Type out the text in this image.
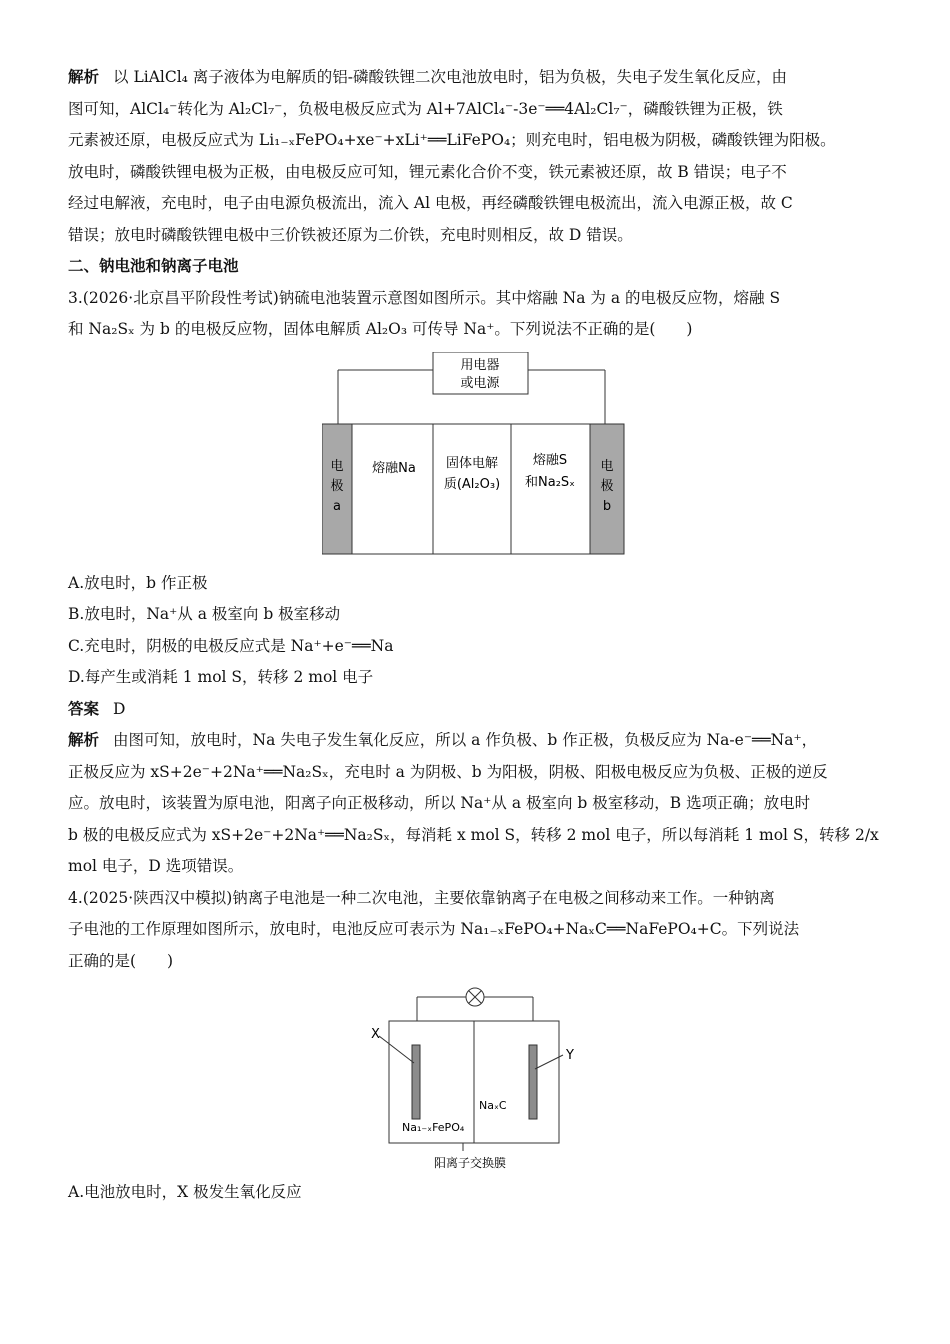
解析 以 LiAlCl₄ 离子液体为电解质的铝-磷酸铁锂二次电池放电时，铝为负极，失电子发生氧化反应，由

图可知，AlCl₄⁻转化为 Al₂Cl₇⁻，负极电极反应式为 Al+7AlCl₄⁻-3e⁻══4Al₂Cl₇⁻，磷酸铁锂为正极，铁

元素被还原，电极反应式为 Li₁₋ₓFePO₄+xe⁻+xLi⁺══LiFePO₄；则充电时，铝电极为阴极，磷酸铁锂为阳极。

放电时，磷酸铁锂电极为正极，由电极反应可知，锂元素化合价不变，铁元素被还原，故 B 错误；电子不

经过电解液，充电时，电子由电源负极流出，流入 Al 电极，再经磷酸铁锂电极流出，流入电源正极，故 C

错误；放电时磷酸铁锂电极中三价铁被还原为二价铁，充电时则相反，故 D 错误。

二、钠电池和钠离子电池

3.(2026·北京昌平阶段性考试)钠硫电池装置示意图如图所示。其中熔融 Na 为 a 的电极反应物，熔融 S

和 Na₂Sₓ 为 b 的电极反应物，固体电解质 Al₂O₃ 可传导 Na⁺。下列说法不正确的是(　　)

用电器
或电源
电
极
a
电
极
b
熔融Na 固体电解
质(Al₂O₃)
熔融S
和Na₂Sₓ

A.放电时，b 作正极

B.放电时，Na⁺从 a 极室向 b 极室移动

C.充电时，阴极的电极反应式是 Na⁺+e⁻══Na

D.每产生或消耗 1 mol S，转移 2 mol 电子

答案 D

解析 由图可知，放电时，Na 失电子发生氧化反应，所以 a 作负极、b 作正极，负极反应为 Na-e⁻══Na⁺，

正极反应为 xS+2e⁻+2Na⁺══Na₂Sₓ，充电时 a 为阴极、b 为阳极，阴极、阳极电极反应为负极、正极的逆反

应。放电时，该装置为原电池，阳离子向正极移动，所以 Na⁺从 a 极室向 b 极室移动，B 选项正确；放电时

b 极的电极反应式为 xS+2e⁻+2Na⁺══Na₂Sₓ，每消耗 x mol S，转移 2 mol 电子，所以每消耗 1 mol S，转移 2/x

mol 电子，D 选项错误。

4.(2025·陕西汉中模拟)钠离子电池是一种二次电池，主要依靠钠离子在电极之间移动来工作。一种钠离

子电池的工作原理如图所示，放电时，电池反应可表示为 Na₁₋ₓFePO₄+NaₓC══NaFePO₄+C。下列说法

正确的是(　　)

X
Y
Na₁₋ₓFePO₄
NaₓC
阳离子交换膜

A.电池放电时，X 极发生氧化反应
